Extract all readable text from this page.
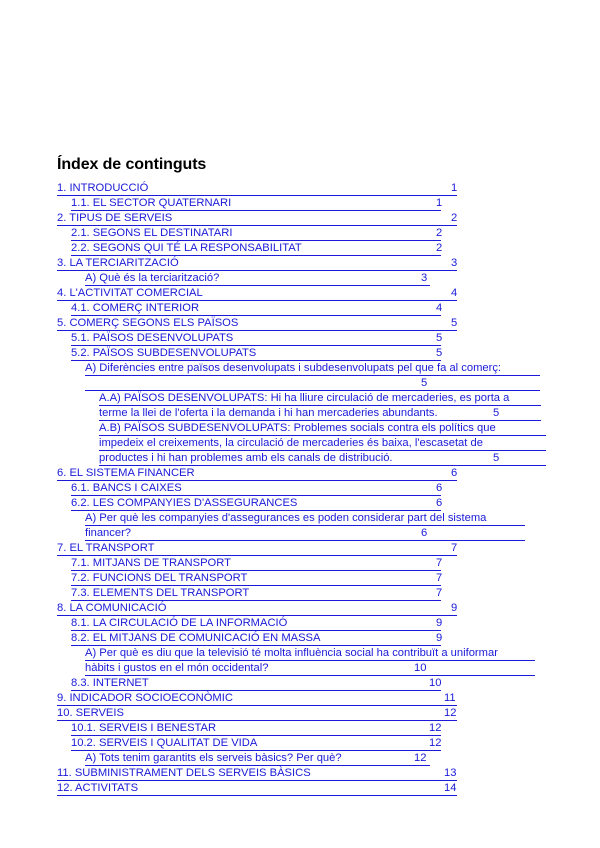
Índex de continguts
1. INTRODUCCIÓ	1
1.1. EL SECTOR QUATERNARI	1
2. TIPUS DE SERVEIS	2
2.1. SEGONS EL DESTINATARI	2
2.2. SEGONS QUI TÉ LA RESPONSABILITAT	2
3. LA TERCIARITZACIÓ	3
A) Què és la terciarització?	3
4. L'ACTIVITAT COMERCIAL	4
4.1. COMERÇ INTERIOR	4
5. COMERÇ SEGONS ELS PAÏSOS	5
5.1. PAÏSOS DESENVOLUPATS	5
5.2. PAÏSOS SUBDESENVOLUPATS	5
A) Diferències entre països desenvolupats i subdesenvolupats pel que fa al comerç:
5
A.A) PAÏSOS DESENVOLUPATS: Hi ha lliure circulació de mercaderies, es porta a
terme la llei de l'oferta i la demanda i hi han mercaderies abundants.	5
A.B) PAÏSOS SUBDESENVOLUPATS: Problemes socials contra els polítics que
impedeix el creixements, la circulació de mercaderies és baixa, l'escasetat de
productes i hi han problemes amb els canals de distribució.	5
6. EL SISTEMA FINANCER	6
6.1. BANCS I CAIXES	6
6.2. LES COMPANYIES D'ASSEGURANCES	6
A) Per què les companyies d'assegurances es poden considerar part del sistema
financer?	6
7. EL TRANSPORT	7
7.1. MITJANS DE TRANSPORT	7
7.2. FUNCIONS DEL TRANSPORT	7
7.3. ELEMENTS DEL TRANSPORT	7
8. LA COMUNICACIÓ	9
8.1. LA CIRCULACIÓ DE LA INFORMACIÓ	9
8.2. EL MITJANS DE COMUNICACIÓ EN MASSA	9
A) Per què es diu que la televisió té molta influència social ha contribuït a uniformar
hàbits i gustos en el món occidental?	10
8.3. INTERNET	10
9. INDICADOR SOCIOECONÒMIC	11
10. SERVEIS	12
10.1. SERVEIS I BENESTAR	12
10.2. SERVEIS I QUALITAT DE VIDA	12
A) Tots tenim garantits els serveis bàsics? Per què?	12
11. SUBMINISTRAMENT DELS SERVEIS BÀSICS	13
12. ACTIVITATS	14
